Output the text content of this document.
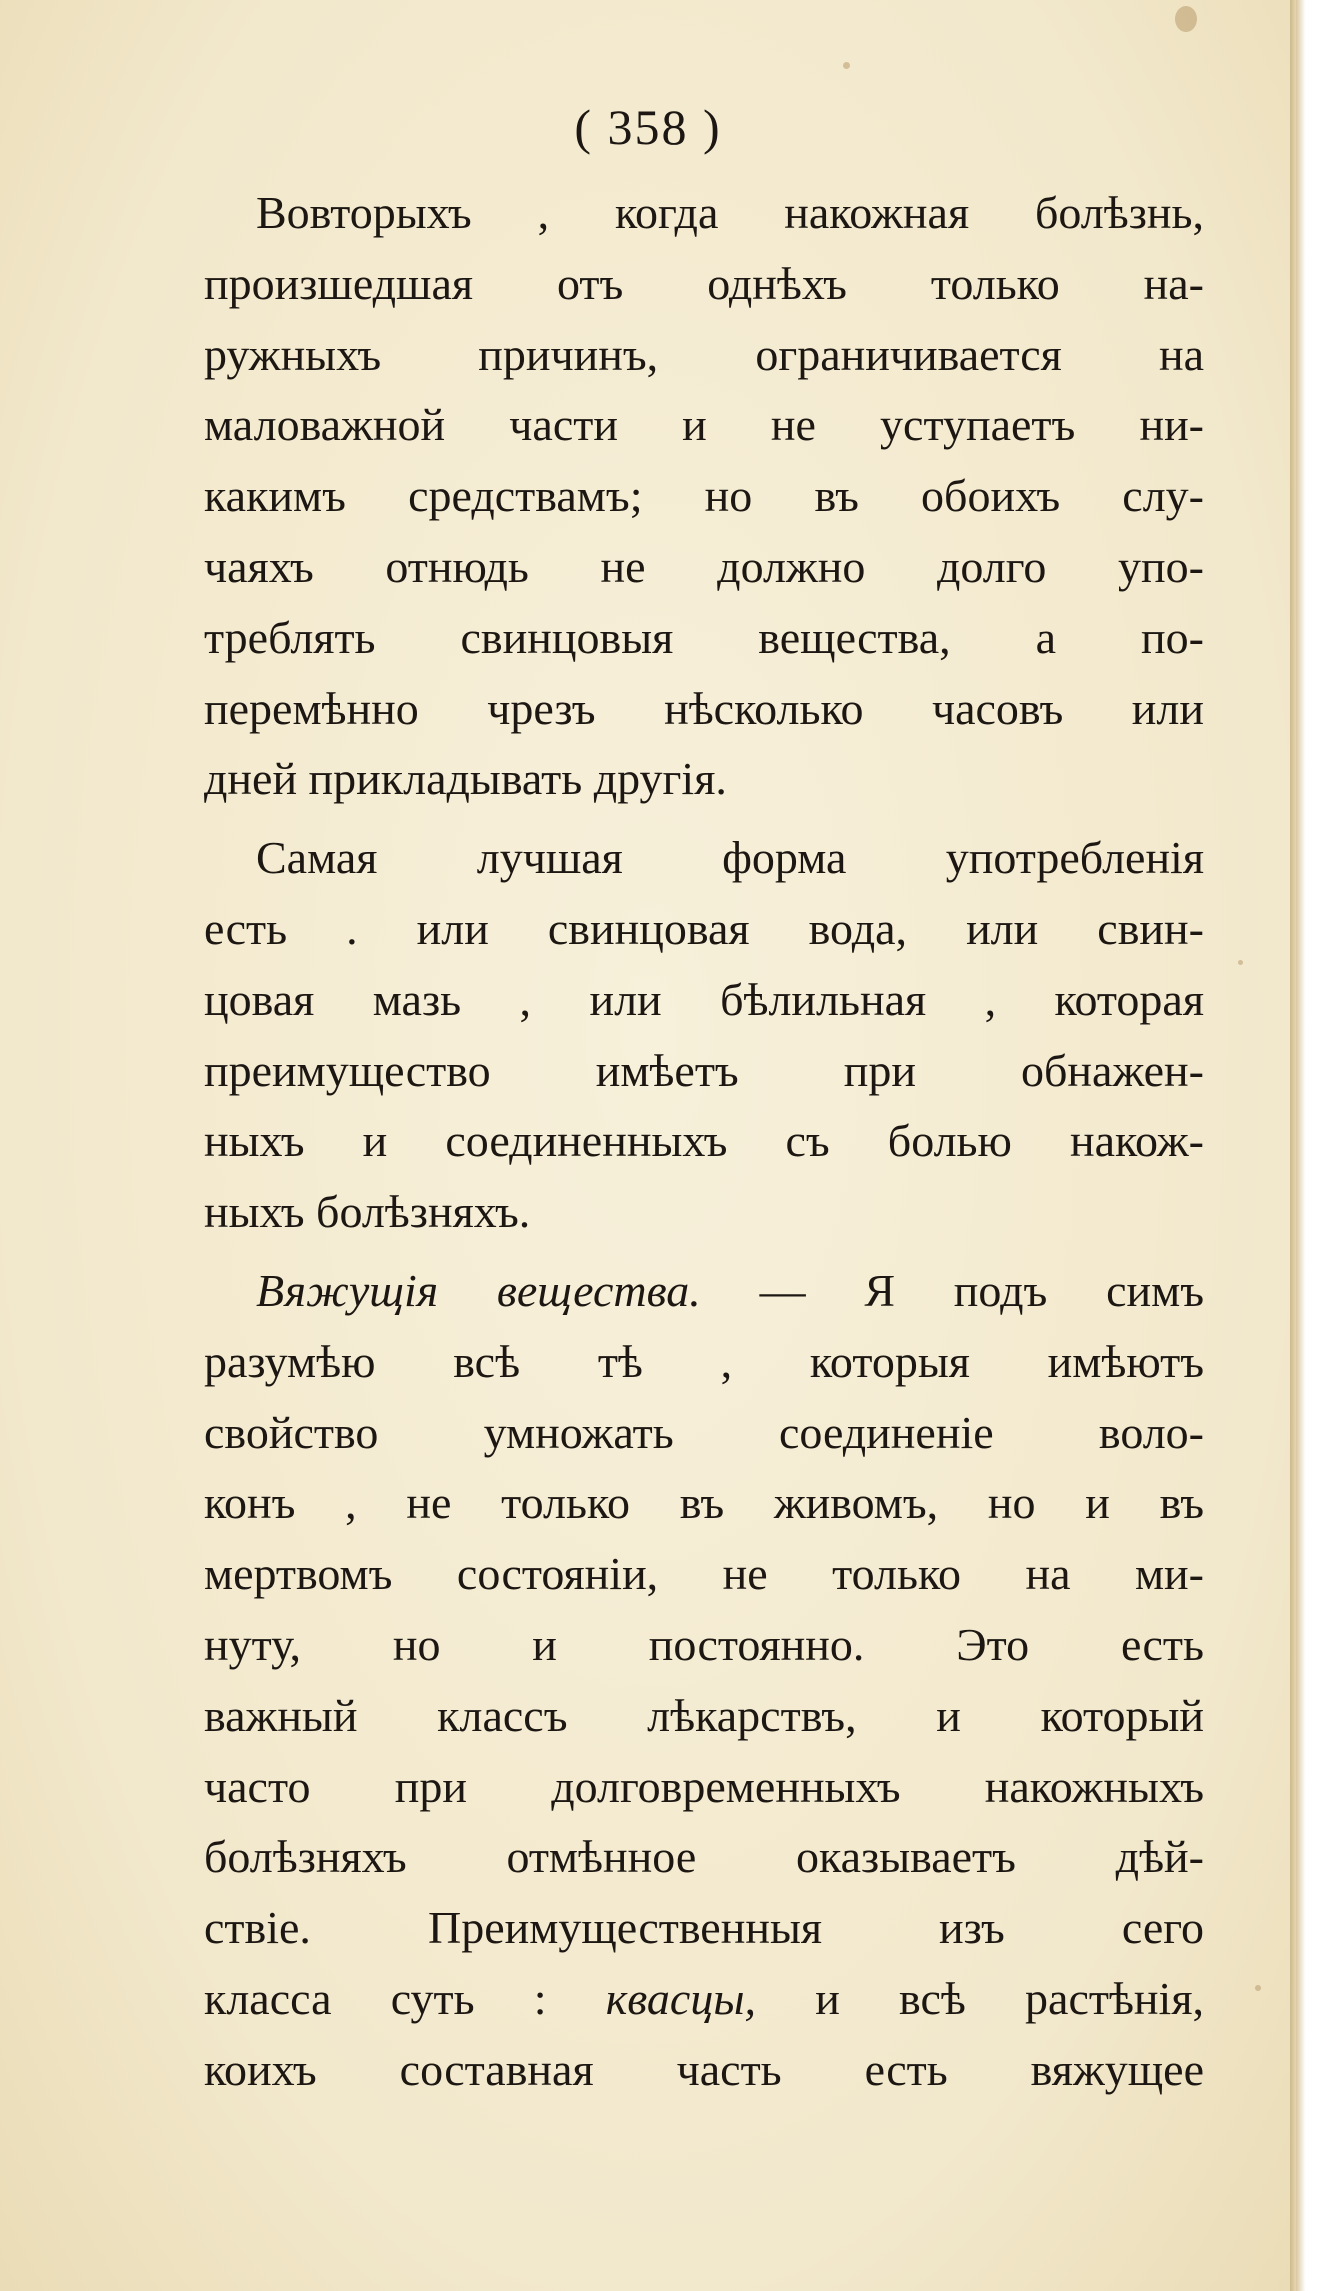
( 358 )
Вовторыхъ , когда накожная болѣзнь,
произшедшая отъ однѣхъ только на-
ружныхъ причинъ, ограничивается на
маловажной части и не уступаетъ ни-
какимъ средствамъ; но въ обоихъ слу-
чаяхъ отнюдь не должно долго упо-
треблять свинцовыя вещества, а по-
перемѣнно чрезъ нѣсколько часовъ или
дней прикладывать другія.
Самая лучшая форма употребленія
есть . или свинцовая вода, или свин-
цовая мазь , или бѣлильная , которая
преимущество имѣетъ при обнажен-
ныхъ и соединенныхъ съ болью накож-
ныхъ болѣзняхъ.
Вяжущія вещества. — Я подъ симъ
разумѣю всѣ тѣ , которыя имѣютъ
свойство умножать соединеніе воло-
конъ , не только въ живомъ, но и въ
мертвомъ состояніи, не только на ми-
нуту, но и постоянно. Это есть
важный классъ лѣкарствъ, и который
часто при долговременныхъ накожныхъ
болѣзняхъ отмѣнное оказываетъ дѣй-
ствіе. Преимущественныя изъ сего
класса суть : квасцы, и всѣ растѣнія,
коихъ составная часть есть вяжущее
